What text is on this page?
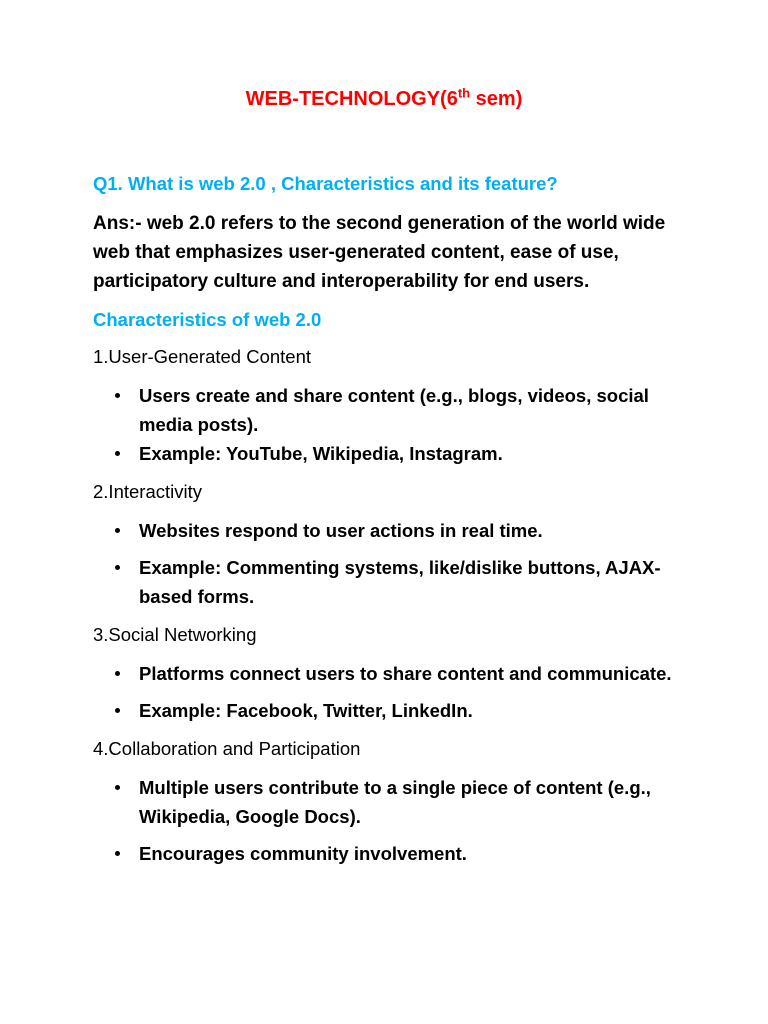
WEB-TECHNOLOGY(6th sem)
Q1. What is web 2.0 , Characteristics and its feature?
Ans:- web 2.0 refers to the second generation of the world wide web that emphasizes user-generated content, ease of use, participatory culture and interoperability for end users.
Characteristics of web 2.0
1.User-Generated Content
Users create and share content (e.g., blogs, videos, social media posts).
Example: YouTube, Wikipedia, Instagram.
2.Interactivity
Websites respond to user actions in real time.
Example: Commenting systems, like/dislike buttons, AJAX-based forms.
3.Social Networking
Platforms connect users to share content and communicate.
Example: Facebook, Twitter, LinkedIn.
4.Collaboration and Participation
Multiple users contribute to a single piece of content (e.g., Wikipedia, Google Docs).
Encourages community involvement.
